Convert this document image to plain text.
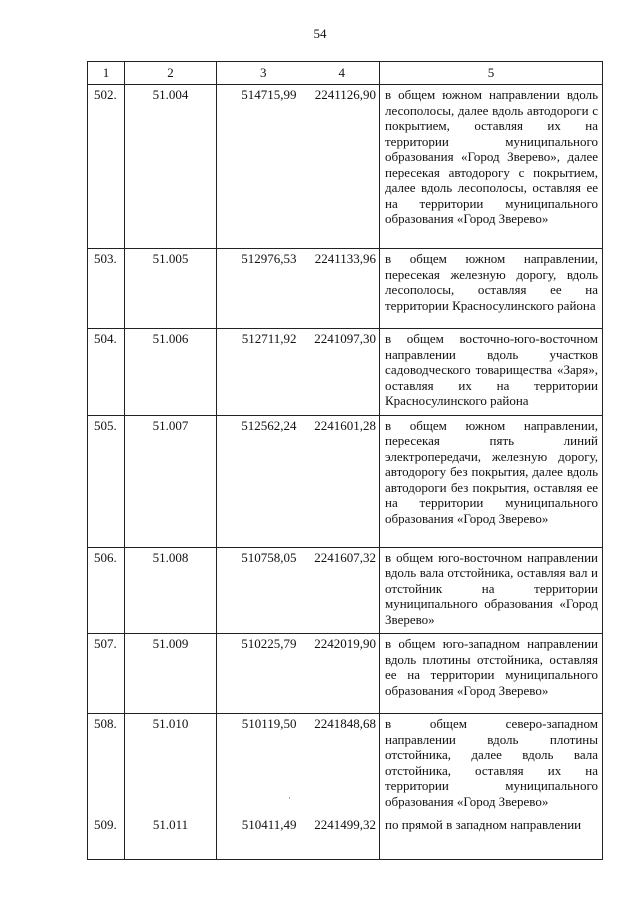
54
1	2	3	4	5

502.	51.004	514715,99	2241126,90	в общем южном направлении вдоль лесополосы, далее вдоль автодороги с покрытием, оставляя их на территории муниципального образования «Город Зверево», далее пересекая автодорогу с покрытием, далее вдоль лесополосы, оставляя ее на территории муниципального образования «Город Зверево»

503.	51.005	512976,53	2241133,96	в общем южном направлении, пересекая железную дорогу, вдоль лесополосы, оставляя ее на территории Красносулинского района

504.	51.006	512711,92	2241097,30	в общем восточно-юго-восточном направлении вдоль участков садоводческого товарищества «Заря», оставляя их на территории Красносулинского района

505.	51.007	512562,24	2241601,28	в общем южном направлении, пересекая пять линий электропередачи, железную дорогу, автодорогу без покрытия, далее вдоль автодороги без покрытия, оставляя ее на территории муниципального образования «Город Зверево»

506.	51.008	510758,05	2241607,32	в общем юго-восточном направлении вдоль вала отстойника, оставляя вал и отстойник на территории муниципального образования «Город Зверево»

507.	51.009	510225,79	2242019,90	в общем юго-западном направлении вдоль плотины отстойника, оставляя ее на территории муниципального образования «Город Зверево»

508.	51.010	510119,50	2241848,68	в общем северо-западном направлении вдоль плотины отстойника, далее вдоль вала отстойника, оставляя их на территории муниципального образования «Город Зверево»

509.	51.011	510411,49	2241499,32	по прямой в западном направлении
·
